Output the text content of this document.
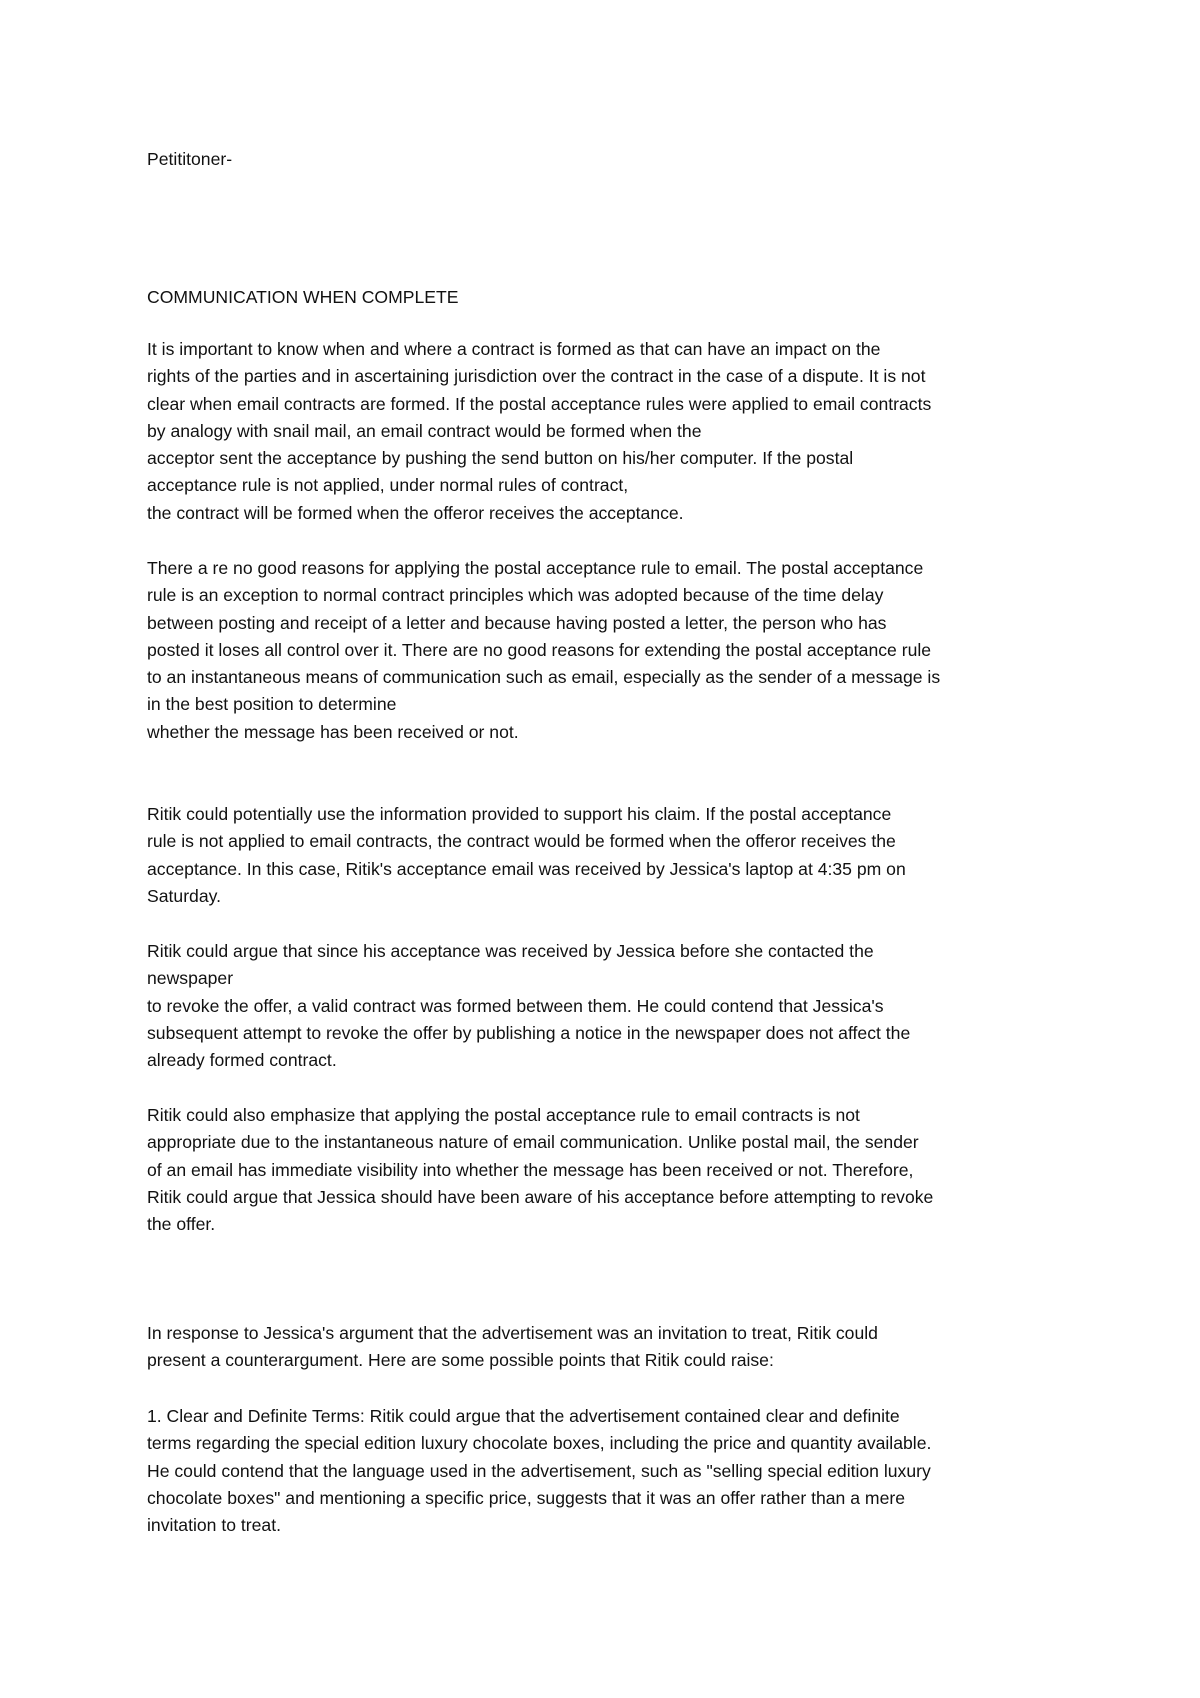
Petititoner-

COMMUNICATION WHEN COMPLETE

It is important to know when and where a contract is formed as that can have an impact on the
rights of the parties and in ascertaining jurisdiction over the contract in the case of a dispute. It is not
clear when email contracts are formed. If the postal acceptance rules were applied to email contracts
by analogy with snail mail, an email contract would be formed when the
acceptor sent the acceptance by pushing the send button on his/her computer. If the postal
acceptance rule is not applied, under normal rules of contract,
the contract will be formed when the offeror receives the acceptance.

There a re no good reasons for applying the postal acceptance rule to email. The postal acceptance
rule is an exception to normal contract principles which was adopted because of the time delay
between posting and receipt of a letter and because having posted a letter, the person who has
posted it loses all control over it. There are no good reasons for extending the postal acceptance rule
to an instantaneous means of communication such as email, especially as the sender of a message is
in the best position to determine
whether the message has been received or not.

Ritik could potentially use the information provided to support his claim. If the postal acceptance
rule is not applied to email contracts, the contract would be formed when the offeror receives the
acceptance. In this case, Ritik's acceptance email was received by Jessica's laptop at 4:35 pm on
Saturday.

Ritik could argue that since his acceptance was received by Jessica before she contacted the
newspaper
to revoke the offer, a valid contract was formed between them. He could contend that Jessica's
subsequent attempt to revoke the offer by publishing a notice in the newspaper does not affect the
already formed contract.

Ritik could also emphasize that applying the postal acceptance rule to email contracts is not
appropriate due to the instantaneous nature of email communication. Unlike postal mail, the sender
of an email has immediate visibility into whether the message has been received or not. Therefore,
Ritik could argue that Jessica should have been aware of his acceptance before attempting to revoke
the offer.

In response to Jessica's argument that the advertisement was an invitation to treat, Ritik could
present a counterargument. Here are some possible points that Ritik could raise:

1. Clear and Definite Terms: Ritik could argue that the advertisement contained clear and definite
terms regarding the special edition luxury chocolate boxes, including the price and quantity available.
He could contend that the language used in the advertisement, such as "selling special edition luxury
chocolate boxes" and mentioning a specific price, suggests that it was an offer rather than a mere
invitation to treat.
